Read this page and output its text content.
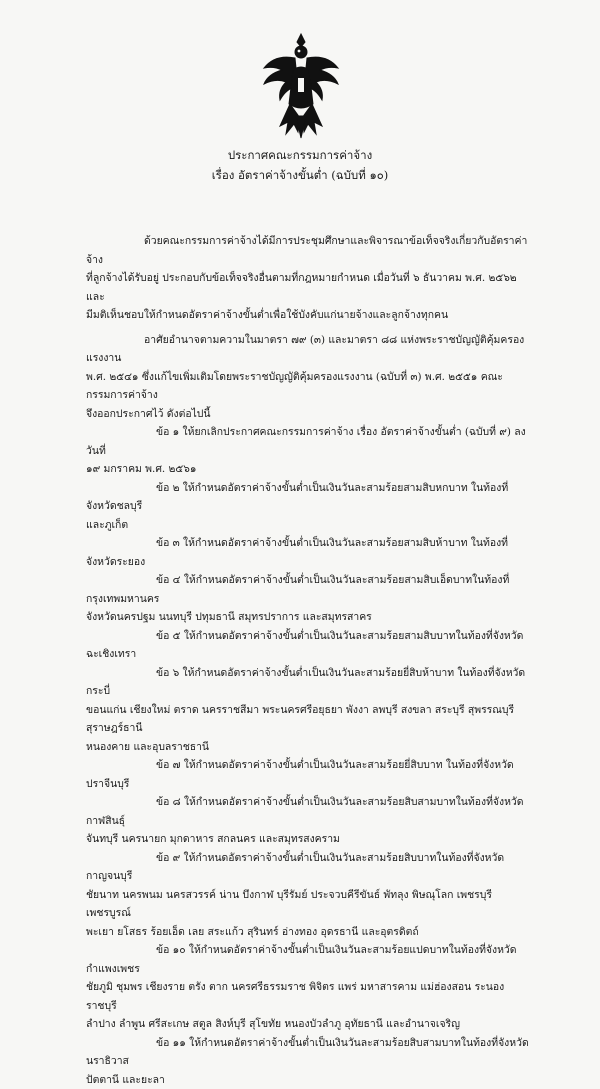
ประกาศคณะกรรมการค่าจ้าง
เรื่อง อัตราค่าจ้างขั้นต่ำ (ฉบับที่ ๑๐)

ด้วยคณะกรรมการค่าจ้างได้มีการประชุมศึกษาและพิจารณาข้อเท็จจริงเกี่ยวกับอัตราค่าจ้าง

ที่ลูกจ้างได้รับอยู่ ประกอบกับข้อเท็จจริงอื่นตามที่กฎหมายกำหนด เมื่อวันที่ ๖ ธันวาคม พ.ศ. ๒๕๖๒ และ

มีมติเห็นชอบให้กำหนดอัตราค่าจ้างขั้นต่ำเพื่อใช้บังคับแก่นายจ้างและลูกจ้างทุกคน

อาศัยอำนาจตามความในมาตรา ๗๙ (๓) และมาตรา ๘๘ แห่งพระราชบัญญัติคุ้มครองแรงงาน

พ.ศ. ๒๕๔๑ ซึ่งแก้ไขเพิ่มเติมโดยพระราชบัญญัติคุ้มครองแรงงาน (ฉบับที่ ๓) พ.ศ. ๒๕๕๑ คณะกรรมการค่าจ้าง

จึงออกประกาศไว้ ดังต่อไปนี้

ข้อ ๑ ให้ยกเลิกประกาศคณะกรรมการค่าจ้าง เรื่อง อัตราค่าจ้างขั้นต่ำ (ฉบับที่ ๙) ลงวันที่

๑๙ มกราคม พ.ศ. ๒๕๖๑

ข้อ ๒ ให้กำหนดอัตราค่าจ้างขั้นต่ำเป็นเงินวันละสามร้อยสามสิบหกบาท ในท้องที่จังหวัดชลบุรี

และภูเก็ต

ข้อ ๓ ให้กำหนดอัตราค่าจ้างขั้นต่ำเป็นเงินวันละสามร้อยสามสิบห้าบาท ในท้องที่จังหวัดระยอง

ข้อ ๔ ให้กำหนดอัตราค่าจ้างขั้นต่ำเป็นเงินวันละสามร้อยสามสิบเอ็ดบาทในท้องที่กรุงเทพมหานคร

จังหวัดนครปฐม นนทบุรี ปทุมธานี สมุทรปราการ และสมุทรสาคร

ข้อ ๕ ให้กำหนดอัตราค่าจ้างขั้นต่ำเป็นเงินวันละสามร้อยสามสิบบาทในท้องที่จังหวัดฉะเชิงเทรา

ข้อ ๖ ให้กำหนดอัตราค่าจ้างขั้นต่ำเป็นเงินวันละสามร้อยยี่สิบห้าบาท ในท้องที่จังหวัดกระบี่

ขอนแก่น เชียงใหม่ ตราด นครราชสีมา พระนครศรีอยุธยา พังงา ลพบุรี สงขลา สระบุรี สุพรรณบุรี สุราษฎร์ธานี

หนองคาย และอุบลราชธานี

ข้อ ๗ ให้กำหนดอัตราค่าจ้างขั้นต่ำเป็นเงินวันละสามร้อยยี่สิบบาท ในท้องที่จังหวัดปราจีนบุรี

ข้อ ๘ ให้กำหนดอัตราค่าจ้างขั้นต่ำเป็นเงินวันละสามร้อยสิบสามบาทในท้องที่จังหวัดกาฬสินธุ์

จันทบุรี นครนายก มุกดาหาร สกลนคร และสมุทรสงคราม

ข้อ ๙ ให้กำหนดอัตราค่าจ้างขั้นต่ำเป็นเงินวันละสามร้อยสิบบาทในท้องที่จังหวัดกาญจนบุรี

ชัยนาท นครพนม นครสวรรค์ น่าน บึงกาฬ บุรีรัมย์ ประจวบคีรีขันธ์ พัทลุง พิษณุโลก เพชรบุรี เพชรบูรณ์

พะเยา ยโสธร ร้อยเอ็ด เลย สระแก้ว สุรินทร์ อ่างทอง อุดรธานี และอุตรดิตถ์

ข้อ ๑๐ ให้กำหนดอัตราค่าจ้างขั้นต่ำเป็นเงินวันละสามร้อยแปดบาทในท้องที่จังหวัดกำแพงเพชร

ชัยภูมิ ชุมพร เชียงราย ตรัง ตาก นครศรีธรรมราช พิจิตร แพร่ มหาสารคาม แม่ฮ่องสอน ระนอง ราชบุรี

ลำปาง ลำพูน ศรีสะเกษ สตูล สิงห์บุรี สุโขทัย หนองบัวลำภู อุทัยธานี และอำนาจเจริญ

ข้อ ๑๑ ให้กำหนดอัตราค่าจ้างขั้นต่ำเป็นเงินวันละสามร้อยสิบสามบาทในท้องที่จังหวัดนราธิวาส

ปัตตานี และยะลา
